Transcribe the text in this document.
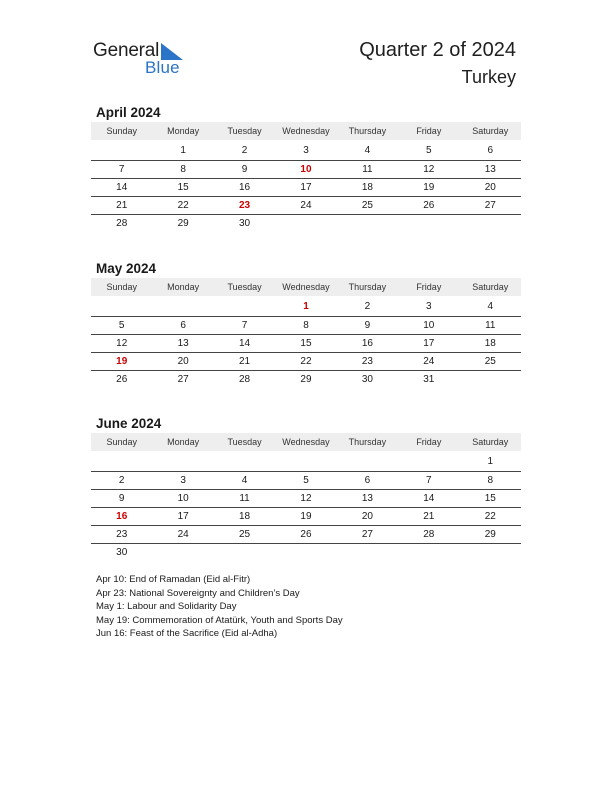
General
Blue
Quarter 2 of 2024
Turkey
April 2024
Sunday	Monday	Tuesday	Wednesday	Thursday	Friday	Saturday
	1	2	3	4	5	6
7	8	9	10	11	12	13
14	15	16	17	18	19	20
21	22	23	24	25	26	27
28	29	30				
May 2024
Sunday	Monday	Tuesday	Wednesday	Thursday	Friday	Saturday
			1	2	3	4
5	6	7	8	9	10	11
12	13	14	15	16	17	18
19	20	21	22	23	24	25
26	27	28	29	30	31	
June 2024
Sunday	Monday	Tuesday	Wednesday	Thursday	Friday	Saturday
						1
2	3	4	5	6	7	8
9	10	11	12	13	14	15
16	17	18	19	20	21	22
23	24	25	26	27	28	29
30						
Apr 10: End of Ramadan (Eid al-Fitr)
Apr 23: National Sovereignty and Children’s Day
May 1: Labour and Solidarity Day
May 19: Commemoration of Atatürk, Youth and Sports Day
Jun 16: Feast of the Sacrifice (Eid al-Adha)
